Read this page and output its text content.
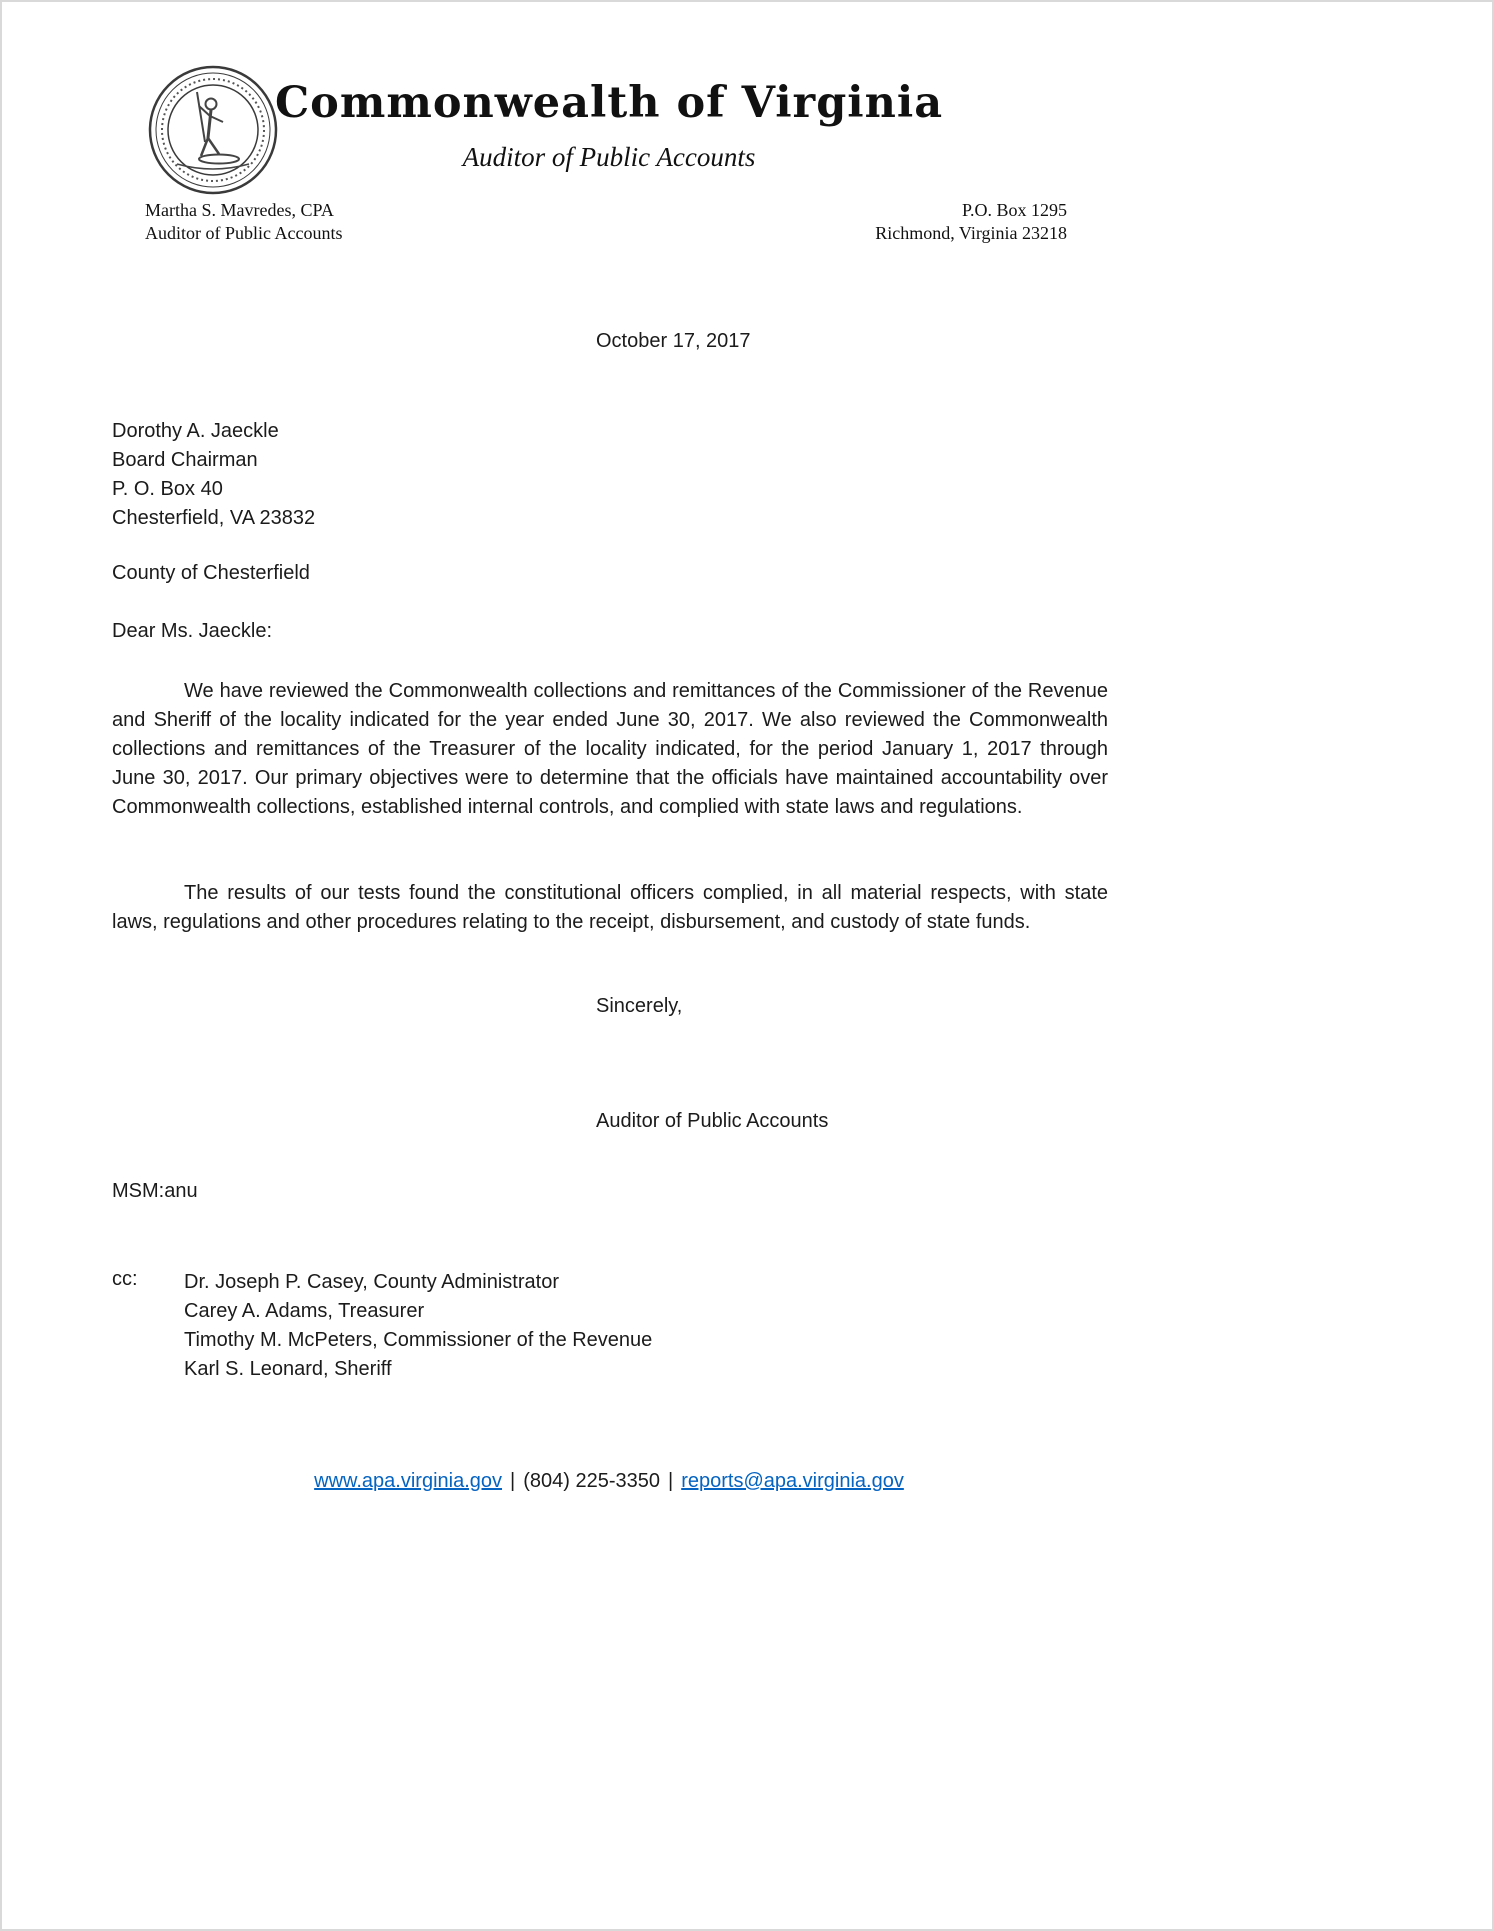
Commonwealth of Virginia
Auditor of Public Accounts
Martha S. Mavredes, CPA
Auditor of Public Accounts
P.O. Box 1295
Richmond, Virginia 23218
October 17, 2017
Dorothy A. Jaeckle
Board Chairman
P. O. Box 40
Chesterfield, VA 23832
County of Chesterfield
Dear Ms. Jaeckle:
We have reviewed the Commonwealth collections and remittances of the Commissioner of the Revenue and Sheriff of the locality indicated for the year ended June 30, 2017. We also reviewed the Commonwealth collections and remittances of the Treasurer of the locality indicated, for the period January 1, 2017 through June 30, 2017. Our primary objectives were to determine that the officials have maintained accountability over Commonwealth collections, established internal controls, and complied with state laws and regulations.
The results of our tests found the constitutional officers complied, in all material respects, with state laws, regulations and other procedures relating to the receipt, disbursement, and custody of state funds.
Sincerely,
Auditor of Public Accounts
MSM:anu
cc:	Dr. Joseph P. Casey, County Administrator
Carey A. Adams, Treasurer
Timothy M. McPeters, Commissioner of the Revenue
Karl S. Leonard, Sheriff
www.apa.virginia.gov | (804) 225-3350 | reports@apa.virginia.gov
